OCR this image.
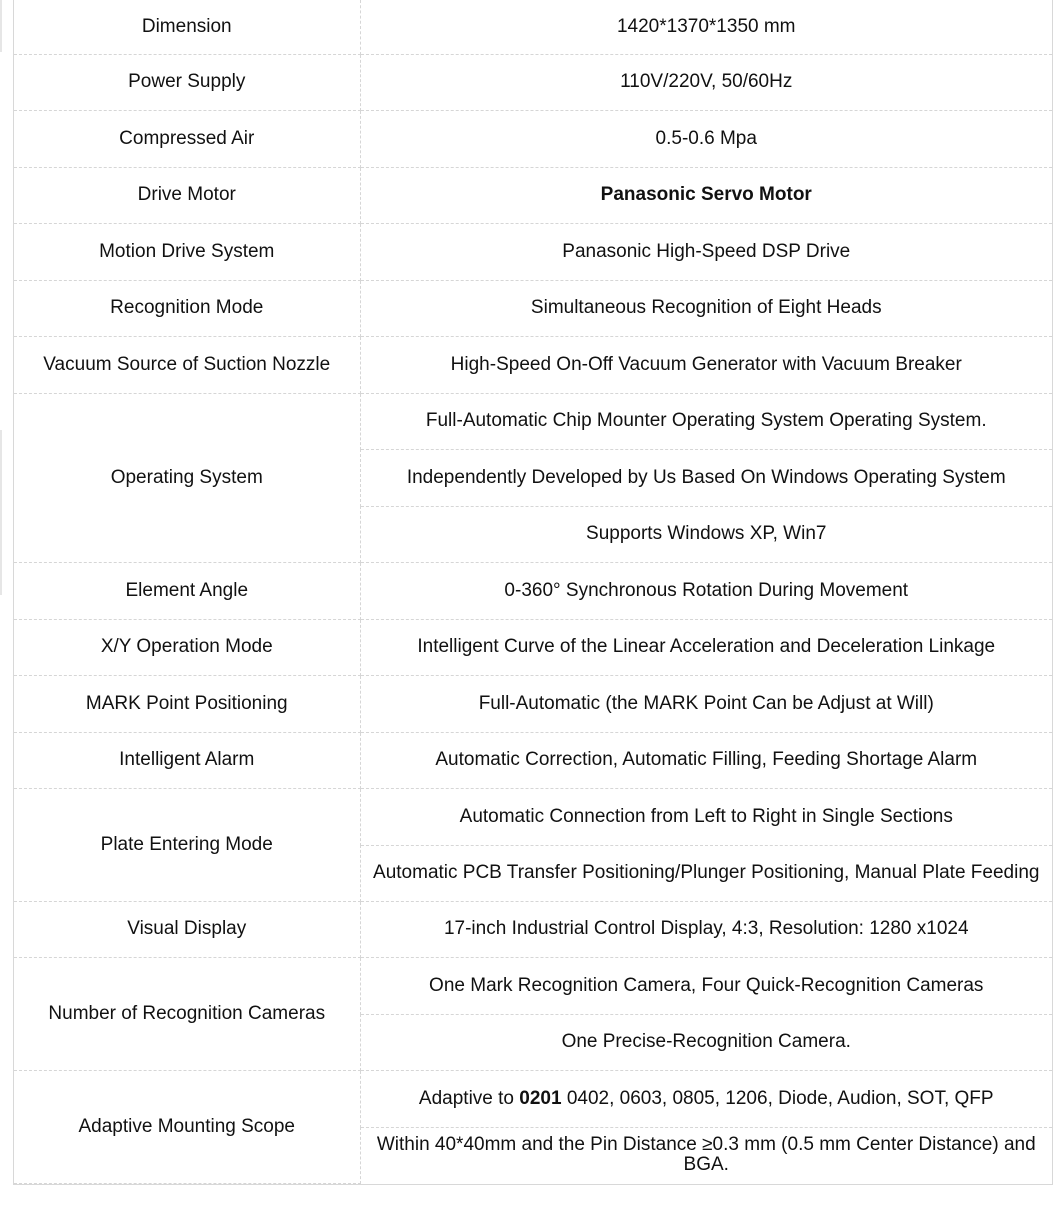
Dimension	1420*1370*1350 mm
Power Supply	110V/220V, 50/60Hz
Compressed Air	0.5-0.6 Mpa
Drive Motor	Panasonic Servo Motor
Motion Drive System	Panasonic High-Speed DSP Drive
Recognition Mode	Simultaneous Recognition of Eight Heads
Vacuum Source of Suction Nozzle	High-Speed On-Off Vacuum Generator with Vacuum Breaker
Operating System	Full-Automatic Chip Mounter Operating System Operating System.
	Independently Developed by Us Based On Windows Operating System
	Supports Windows XP, Win7
Element Angle	0-360° Synchronous Rotation During Movement
X/Y Operation Mode	Intelligent Curve of the Linear Acceleration and Deceleration Linkage
MARK Point Positioning	Full-Automatic (the MARK Point Can be Adjust at Will)
Intelligent Alarm	Automatic Correction, Automatic Filling, Feeding Shortage Alarm
Plate Entering Mode	Automatic Connection from Left to Right in Single Sections
	Automatic PCB Transfer Positioning/Plunger Positioning, Manual Plate Feeding
Visual Display	17-inch Industrial Control Display, 4:3, Resolution: 1280 x1024
Number of Recognition Cameras	One Mark Recognition Camera, Four Quick-Recognition Cameras
	One Precise-Recognition Camera.
Adaptive Mounting Scope	Adaptive to 0201 0402, 0603, 0805, 1206, Diode, Audion, SOT, QFP
	Within 40*40mm and the Pin Distance ≥0.3 mm (0.5 mm Center Distance) and BGA.
